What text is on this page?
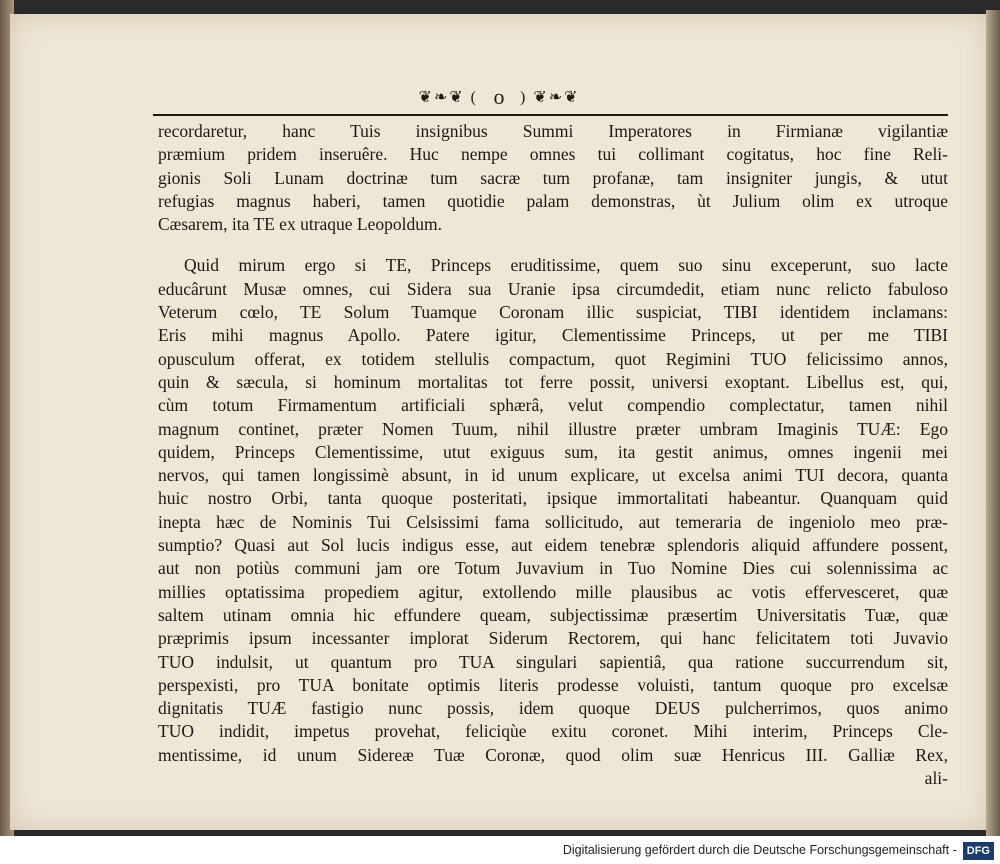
❦❧❦ ( o ) ❦❧❦
recordaretur, hanc Tuis insignibus Summi Imperatores in Firmianæ vigilantiæ
præmium pridem inseruêre. Huc nempe omnes tui collimant cogitatus, hoc fine Reli-
gionis Soli Lunam doctrinæ tum sacræ tum profanæ, tam insigniter jungis, & utut
refugias magnus haberi, tamen quotidie palam demonstras, ùt Julium olim ex utroque
Cæsarem, ita TE ex utraque Leopoldum.
Quid mirum ergo si TE, Princeps eruditissime, quem suo sinu exceperunt, suo lacte
educârunt Musæ omnes, cui Sidera sua Uranie ipsa circumdedit, etiam nunc relicto fabuloso
Veterum cœlo, TE Solum Tuamque Coronam illic suspiciat, TIBI identidem inclamans:
Eris mihi magnus Apollo. Patere igitur, Clementissime Princeps, ut per me TIBI
opusculum offerat, ex totidem stellulis compactum, quot Regimini TUO felicissimo annos,
quin & sæcula, si hominum mortalitas tot ferre possit, universi exoptant. Libellus est, qui,
cùm totum Firmamentum artificiali sphærâ, velut compendio complectatur, tamen nihil
magnum continet, præter Nomen Tuum, nihil illustre præter umbram Imaginis TUÆ: Ego
quidem, Princeps Clementissime, utut exiguus sum, ita gestit animus, omnes ingenii mei
nervos, qui tamen longissimè absunt, in id unum explicare, ut excelsa animi TUI decora, quanta
huic nostro Orbi, tanta quoque posteritati, ipsique immortalitati habeantur. Quanquam quid
inepta hæc de Nominis Tui Celsissimi fama sollicitudo, aut temeraria de ingeniolo meo præ-
sumptio? Quasi aut Sol lucis indigus esse, aut eidem tenebræ splendoris aliquid affundere possent,
aut non potiùs communi jam ore Totum Juvavium in Tuo Nomine Dies cui solennissima ac
millies optatissima propediem agitur, extollendo mille plausibus ac votis effervesceret, quæ
saltem utinam omnia hic effundere queam, subjectissimæ præsertim Universitatis Tuæ, quæ
præprimis ipsum incessanter implorat Siderum Rectorem, qui hanc felicitatem toti Juvavio
TUO indulsit, ut quantum pro TUA singulari sapientiâ, qua ratione succurrendum sit,
perspexisti, pro TUA bonitate optimis literis prodesse voluisti, tantum quoque pro excelsæ
dignitatis TUÆ fastigio nunc possis, idem quoque DEUS pulcherrimos, quos animo
TUO indidit, impetus provehat, feliciqùe exitu coronet. Mihi interim, Princeps Cle-
mentissime, id unum Sidereæ Tuæ Coronæ, quod olim suæ Henricus III. Galliæ Rex,
ali-
Digitalisierung gefördert durch die Deutsche Forschungsgemeinschaft - DFG
